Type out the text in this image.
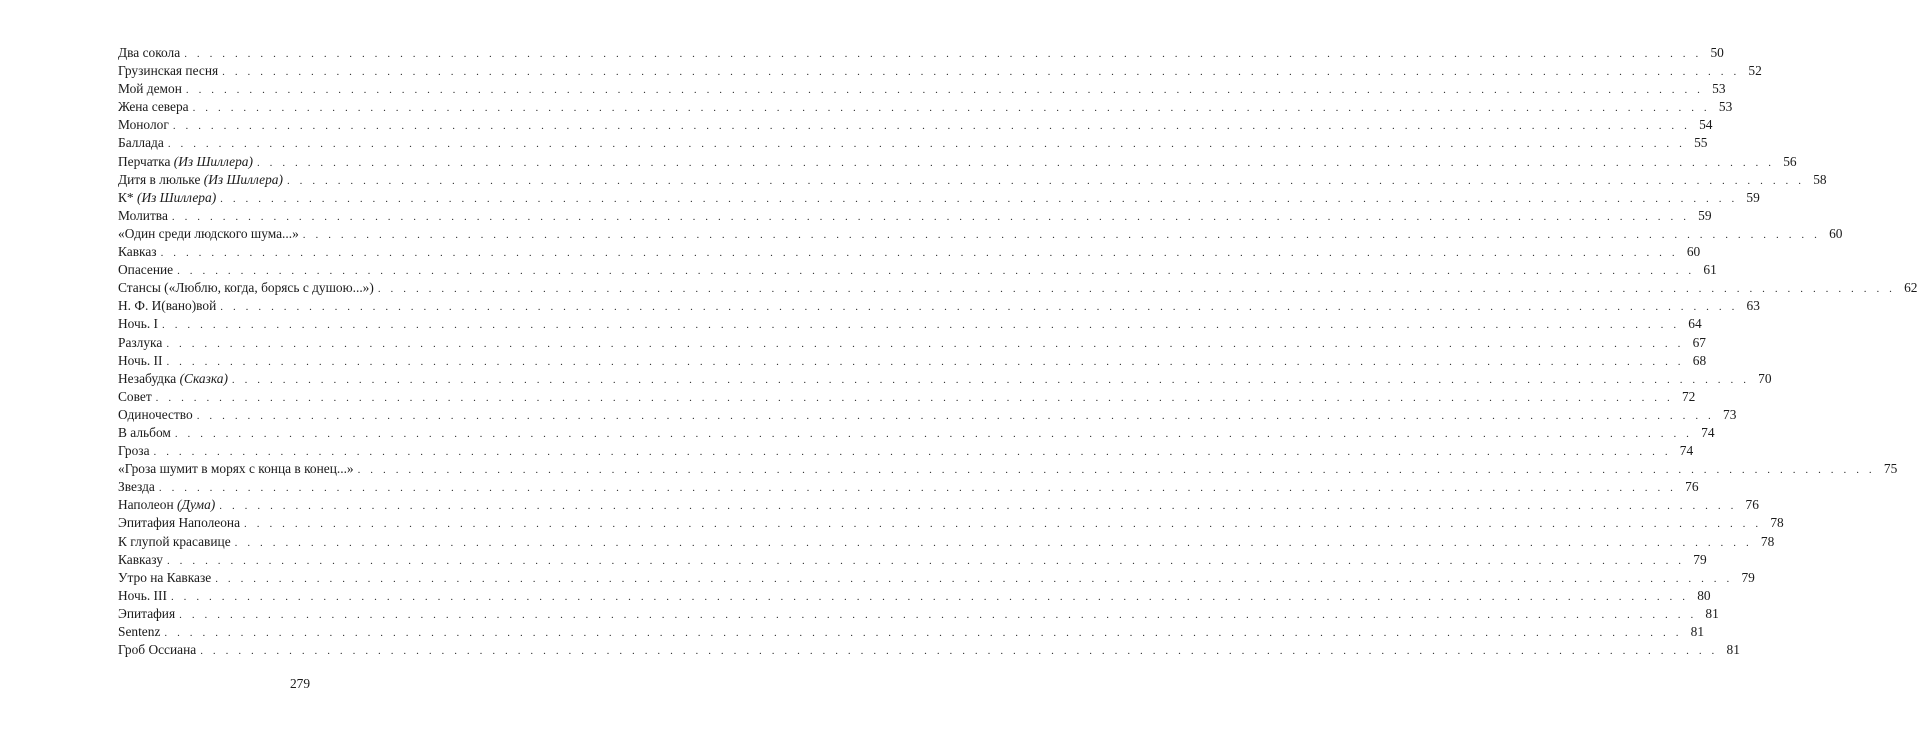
Два сокола . . . . . . . . . . . . . . . . . . . . . . . . . . . . . . . . . . . . . . . . . . . . . . . . . . . . . . . . . . . . . . . . . . . . . . . . . . . . . . . . . . . . . . . . . . . . . . . . . . . . . . . . . . . . . . . . . . . . . . . . 50
Грузинская песня . . . . . . . . . . . . . . . . . . . . . . . . . . . . . . . . . . . . . . . . . . . . . . . . . . . . . . . . . . . . . . . . . . . . . . . . . . . . . . . . . . . . . . . . . . . . . . . . . . . . . . . . . . . . . . . . . . . . . . . . 52
Мой демон . . . . . . . . . . . . . . . . . . . . . . . . . . . . . . . . . . . . . . . . . . . . . . . . . . . . . . . . . . . . . . . . . . . . . . . . . . . . . . . . . . . . . . . . . . . . . . . . . . . . . . . . . . . . . . . . . . . . . . . . 53
Жена севера . . . . . . . . . . . . . . . . . . . . . . . . . . . . . . . . . . . . . . . . . . . . . . . . . . . . . . . . . . . . . . . . . . . . . . . . . . . . . . . . . . . . . . . . . . . . . . . . . . . . . . . . . . . . . . . . . . . . . . . . 53
Монолог . . . . . . . . . . . . . . . . . . . . . . . . . . . . . . . . . . . . . . . . . . . . . . . . . . . . . . . . . . . . . . . . . . . . . . . . . . . . . . . . . . . . . . . . . . . . . . . . . . . . . . . . . . . . . . . . . . . . . . . . 54
Баллада . . . . . . . . . . . . . . . . . . . . . . . . . . . . . . . . . . . . . . . . . . . . . . . . . . . . . . . . . . . . . . . . . . . . . . . . . . . . . . . . . . . . . . . . . . . . . . . . . . . . . . . . . . . . . . . . . . . . . . . . 55
Перчатка (Из Шиллера) . . . . . . . . . . . . . . . . . . . . . . . . . . . . . . . . . . . . . . . . . . . . . . . . . . . . . . . . . . . . . . . . . . . . . . . . . . . . . . . . . . . . . . . . . . . . . . . . . . . . . . . . . . . . . . . . . . . . . . . . 56
Дитя в люльке (Из Шиллера) . . . . . . . . . . . . . . . . . . . . . . . . . . . . . . . . . . . . . . . . . . . . . . . . . . . . . . . . . . . . . . . . . . . . . . . . . . . . . . . . . . . . . . . . . . . . . . . . . . . . . . . . . . . . . . . . . . . . . . . . 58
К* (Из Шиллера) . . . . . . . . . . . . . . . . . . . . . . . . . . . . . . . . . . . . . . . . . . . . . . . . . . . . . . . . . . . . . . . . . . . . . . . . . . . . . . . . . . . . . . . . . . . . . . . . . . . . . . . . . . . . . . . . . . . . . . . . 59
Молитва . . . . . . . . . . . . . . . . . . . . . . . . . . . . . . . . . . . . . . . . . . . . . . . . . . . . . . . . . . . . . . . . . . . . . . . . . . . . . . . . . . . . . . . . . . . . . . . . . . . . . . . . . . . . . . . . . . . . . . . . 59
«Один среди людского шума...» . . . . . . . . . . . . . . . . . . . . . . . . . . . . . . . . . . . . . . . . . . . . . . . . . . . . . . . . . . . . . . . . . . . . . . . . . . . . . . . . . . . . . . . . . . . . . . . . . . . . . . . . . . . . . . . . . . . . . . . . 60
Кавказ . . . . . . . . . . . . . . . . . . . . . . . . . . . . . . . . . . . . . . . . . . . . . . . . . . . . . . . . . . . . . . . . . . . . . . . . . . . . . . . . . . . . . . . . . . . . . . . . . . . . . . . . . . . . . . . . . . . . . . . . 60
Опасение . . . . . . . . . . . . . . . . . . . . . . . . . . . . . . . . . . . . . . . . . . . . . . . . . . . . . . . . . . . . . . . . . . . . . . . . . . . . . . . . . . . . . . . . . . . . . . . . . . . . . . . . . . . . . . . . . . . . . . . . 61
Стансы («Люблю, когда, борясь с душою...») . . . . . . . . . . . . . . . . . . . . . . . . . . . . . . . . . . . . . . . . . . . . . . . . . . . . . . . . . . . . . . . . . . . . . . . . . . . . . . . . . . . . . . . . . . . . . . . . . . . . . . . . . . . . . . . . . . . . . . . . 62
Н. Ф. И(вано)вой . . . . . . . . . . . . . . . . . . . . . . . . . . . . . . . . . . . . . . . . . . . . . . . . . . . . . . . . . . . . . . . . . . . . . . . . . . . . . . . . . . . . . . . . . . . . . . . . . . . . . . . . . . . . . . . . . . . . . . . . 63
Ночь. I . . . . . . . . . . . . . . . . . . . . . . . . . . . . . . . . . . . . . . . . . . . . . . . . . . . . . . . . . . . . . . . . . . . . . . . . . . . . . . . . . . . . . . . . . . . . . . . . . . . . . . . . . . . . . . . . . . . . . . . . 64
Разлука . . . . . . . . . . . . . . . . . . . . . . . . . . . . . . . . . . . . . . . . . . . . . . . . . . . . . . . . . . . . . . . . . . . . . . . . . . . . . . . . . . . . . . . . . . . . . . . . . . . . . . . . . . . . . . . . . . . . . . . . 67
Ночь. II . . . . . . . . . . . . . . . . . . . . . . . . . . . . . . . . . . . . . . . . . . . . . . . . . . . . . . . . . . . . . . . . . . . . . . . . . . . . . . . . . . . . . . . . . . . . . . . . . . . . . . . . . . . . . . . . . . . . . . . . 68
Незабудка (Сказка) . . . . . . . . . . . . . . . . . . . . . . . . . . . . . . . . . . . . . . . . . . . . . . . . . . . . . . . . . . . . . . . . . . . . . . . . . . . . . . . . . . . . . . . . . . . . . . . . . . . . . . . . . . . . . . . . . . . . . . . . 70
Совет . . . . . . . . . . . . . . . . . . . . . . . . . . . . . . . . . . . . . . . . . . . . . . . . . . . . . . . . . . . . . . . . . . . . . . . . . . . . . . . . . . . . . . . . . . . . . . . . . . . . . . . . . . . . . . . . . . . . . . . . 72
Одиночество . . . . . . . . . . . . . . . . . . . . . . . . . . . . . . . . . . . . . . . . . . . . . . . . . . . . . . . . . . . . . . . . . . . . . . . . . . . . . . . . . . . . . . . . . . . . . . . . . . . . . . . . . . . . . . . . . . . . . . . . 73
В альбом . . . . . . . . . . . . . . . . . . . . . . . . . . . . . . . . . . . . . . . . . . . . . . . . . . . . . . . . . . . . . . . . . . . . . . . . . . . . . . . . . . . . . . . . . . . . . . . . . . . . . . . . . . . . . . . . . . . . . . . . 74
Гроза . . . . . . . . . . . . . . . . . . . . . . . . . . . . . . . . . . . . . . . . . . . . . . . . . . . . . . . . . . . . . . . . . . . . . . . . . . . . . . . . . . . . . . . . . . . . . . . . . . . . . . . . . . . . . . . . . . . . . . . . 74
«Гроза шумит в морях с конца в конец...» . . . . . . . . . . . . . . . . . . . . . . . . . . . . . . . . . . . . . . . . . . . . . . . . . . . . . . . . . . . . . . . . . . . . . . . . . . . . . . . . . . . . . . . . . . . . . . . . . . . . . . . . . . . . . . . . . . . . . . . . 75
Звезда . . . . . . . . . . . . . . . . . . . . . . . . . . . . . . . . . . . . . . . . . . . . . . . . . . . . . . . . . . . . . . . . . . . . . . . . . . . . . . . . . . . . . . . . . . . . . . . . . . . . . . . . . . . . . . . . . . . . . . . . 76
Наполеон (Дума) . . . . . . . . . . . . . . . . . . . . . . . . . . . . . . . . . . . . . . . . . . . . . . . . . . . . . . . . . . . . . . . . . . . . . . . . . . . . . . . . . . . . . . . . . . . . . . . . . . . . . . . . . . . . . . . . . . . . . . . . 76
Эпитафия Наполеона . . . . . . . . . . . . . . . . . . . . . . . . . . . . . . . . . . . . . . . . . . . . . . . . . . . . . . . . . . . . . . . . . . . . . . . . . . . . . . . . . . . . . . . . . . . . . . . . . . . . . . . . . . . . . . . . . . . . . . . . 78
К глупой красавице . . . . . . . . . . . . . . . . . . . . . . . . . . . . . . . . . . . . . . . . . . . . . . . . . . . . . . . . . . . . . . . . . . . . . . . . . . . . . . . . . . . . . . . . . . . . . . . . . . . . . . . . . . . . . . . . . . . . . . . . 78
Кавказу . . . . . . . . . . . . . . . . . . . . . . . . . . . . . . . . . . . . . . . . . . . . . . . . . . . . . . . . . . . . . . . . . . . . . . . . . . . . . . . . . . . . . . . . . . . . . . . . . . . . . . . . . . . . . . . . . . . . . . . . 79
Утро на Кавказе . . . . . . . . . . . . . . . . . . . . . . . . . . . . . . . . . . . . . . . . . . . . . . . . . . . . . . . . . . . . . . . . . . . . . . . . . . . . . . . . . . . . . . . . . . . . . . . . . . . . . . . . . . . . . . . . . . . . . . . . 79
Ночь. III . . . . . . . . . . . . . . . . . . . . . . . . . . . . . . . . . . . . . . . . . . . . . . . . . . . . . . . . . . . . . . . . . . . . . . . . . . . . . . . . . . . . . . . . . . . . . . . . . . . . . . . . . . . . . . . . . . . . . . . . 80
Эпитафия . . . . . . . . . . . . . . . . . . . . . . . . . . . . . . . . . . . . . . . . . . . . . . . . . . . . . . . . . . . . . . . . . . . . . . . . . . . . . . . . . . . . . . . . . . . . . . . . . . . . . . . . . . . . . . . . . . . . . . . . 81
Sentenz . . . . . . . . . . . . . . . . . . . . . . . . . . . . . . . . . . . . . . . . . . . . . . . . . . . . . . . . . . . . . . . . . . . . . . . . . . . . . . . . . . . . . . . . . . . . . . . . . . . . . . . . . . . . . . . . . . . . . . . . 81
Гроб Оссиана . . . . . . . . . . . . . . . . . . . . . . . . . . . . . . . . . . . . . . . . . . . . . . . . . . . . . . . . . . . . . . . . . . . . . . . . . . . . . . . . . . . . . . . . . . . . . . . . . . . . . . . . . . . . . . . . . . . . . . . . 81
279
